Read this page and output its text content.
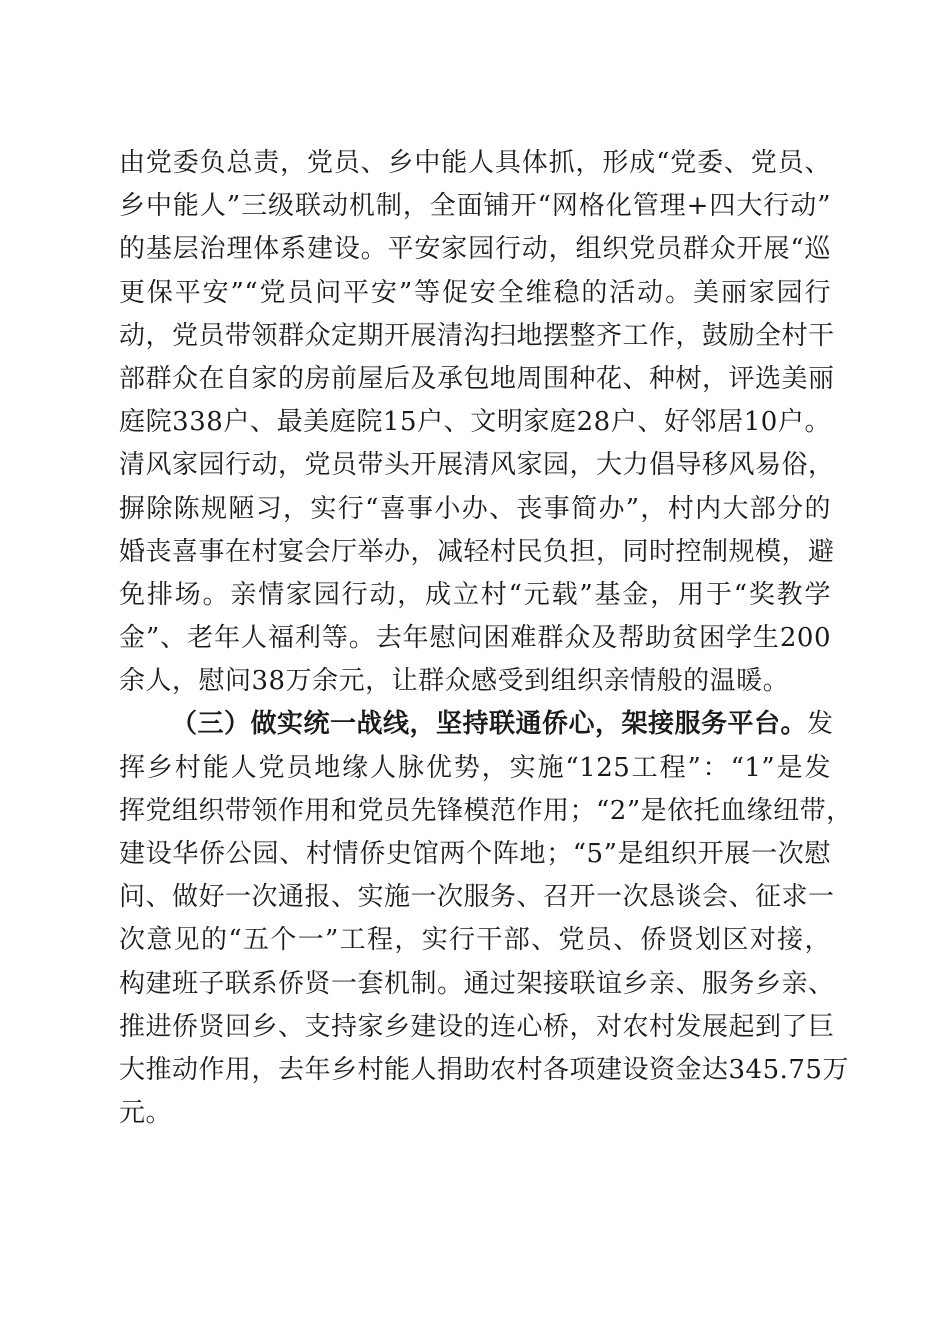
由党委负总责，党员、乡中能人具体抓，形成“党委、党员、
乡中能人”三级联动机制，全面铺开“网格化管理+四大行动”
的基层治理体系建设。平安家园行动，组织党员群众开展“巡
更保平安”“党员问平安”等促安全维稳的活动。美丽家园行
动，党员带领群众定期开展清沟扫地摆整齐工作，鼓励全村干
部群众在自家的房前屋后及承包地周围种花、种树，评选美丽
庭院338户、最美庭院15户、文明家庭28户、好邻居10户。
清风家园行动，党员带头开展清风家园，大力倡导移风易俗，
摒除陈规陋习，实行“喜事小办、丧事简办”，村内大部分的
婚丧喜事在村宴会厅举办，减轻村民负担，同时控制规模，避
免排场。亲情家园行动，成立村“元载”基金，用于“奖教学
金”、老年人福利等。去年慰问困难群众及帮助贫困学生200
余人，慰问38万余元，让群众感受到组织亲情般的温暖。
（三）做实统一战线，坚持联通侨心，架接服务平台。发
挥乡村能人党员地缘人脉优势，实施“125工程”：“1”是发
挥党组织带领作用和党员先锋模范作用；“2”是依托血缘纽带，
建设华侨公园、村情侨史馆两个阵地；“5”是组织开展一次慰
问、做好一次通报、实施一次服务、召开一次恳谈会、征求一
次意见的“五个一”工程，实行干部、党员、侨贤划区对接，
构建班子联系侨贤一套机制。通过架接联谊乡亲、服务乡亲、
推进侨贤回乡、支持家乡建设的连心桥，对农村发展起到了巨
大推动作用，去年乡村能人捐助农村各项建设资金达345.75万
元。
